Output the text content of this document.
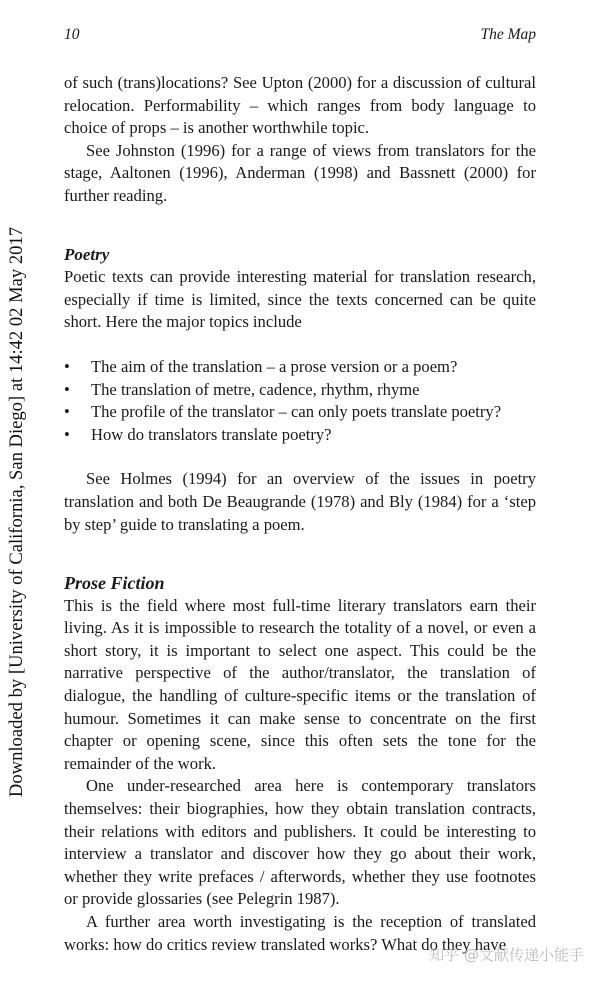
Downloaded by [University of California, San Diego] at 14:42 02 May 2017
10	The Map

of such (trans)locations? See Upton (2000) for a discussion of cultural relocation. Performability – which ranges from body language to choice of props – is another worthwhile topic.

See Johnston (1996) for a range of views from translators for the stage, Aaltonen (1996), Anderman (1998) and Bassnett (2000) for further reading.

Poetry

Poetic texts can provide interesting material for translation research, especially if time is limited, since the texts concerned can be quite short. Here the major topics include

• The aim of the translation – a prose version or a poem?
• The translation of metre, cadence, rhythm, rhyme
• The profile of the translator – can only poets translate poetry?
• How do translators translate poetry?

See Holmes (1994) for an overview of the issues in poetry translation and both De Beaugrande (1978) and Bly (1984) for a ‘step by step’ guide to translating a poem.

Prose Fiction

This is the field where most full-time literary translators earn their living. As it is impossible to research the totality of a novel, or even a short story, it is important to select one aspect. This could be the narrative perspective of the author/translator, the translation of dialogue, the handling of culture-specific items or the translation of humour. Sometimes it can make sense to concentrate on the first chapter or opening scene, since this often sets the tone for the remainder of the work.

One under-researched area here is contemporary translators themselves: their biographies, how they obtain translation contracts, their relations with editors and publishers. It could be interesting to interview a translator and discover how they go about their work, whether they write prefaces / afterwords, whether they use footnotes or provide glossaries (see Pelegrin 1987).

A further area worth investigating is the reception of translated works: how do critics review translated works? What do they have

知乎 @文献传递小能手
